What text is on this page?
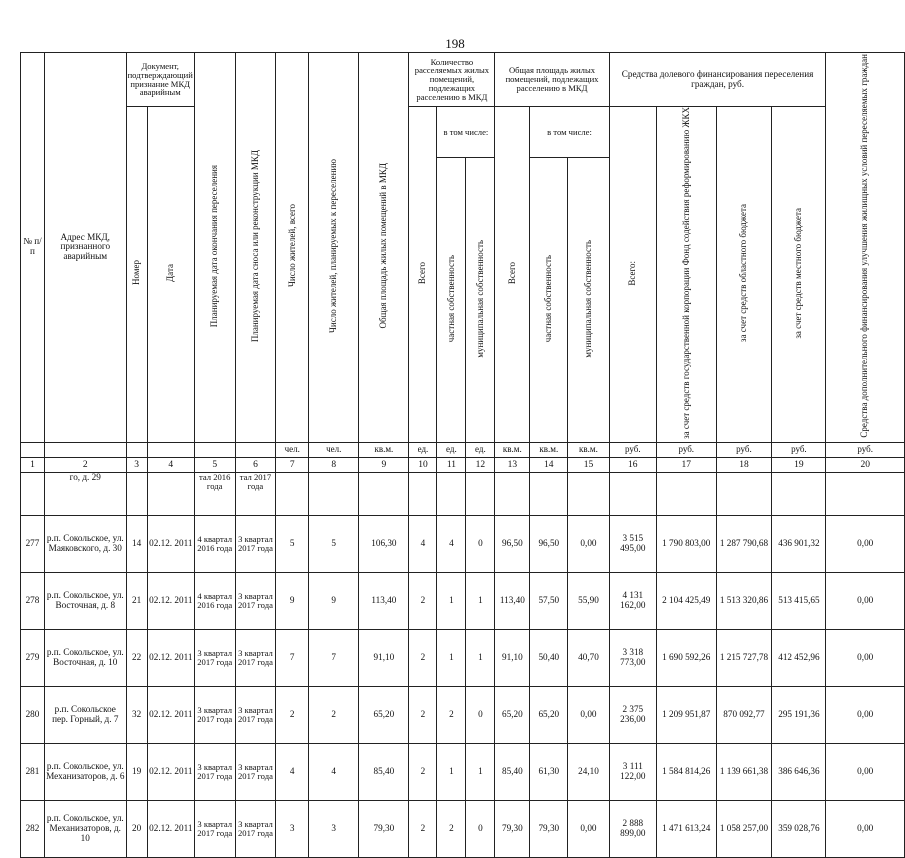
198
№ п/п	Адрес МКД, признанного аварийным	Документ, подтверждающий признание МКД аварийным		Планируемая дата окончания переселения	Планируемая дата сноса или реконструкции МКД	Число жителей, всего	Число жителей, планируемых к переселению	Общая площадь жилых помещений в МКД	Количество расселяемых жилых помещений, подлежащих расселению в МКД			Общая площадь жилых помещений, подлежащих расселению в МКД			Средства долевого финансирования переселения граждан, руб.				Средства дополнительного финансирования улучшения жилищных условий переселяемых граждан
		Номер	Дата						Всего	в том числе:		Всего	в том числе:		Всего:	за счет средств государственной корпорации Фонд содействия реформированию ЖКХ	за счет средств областного бюджета	за счет средств местного бюджета	
										частная собственность	муниципальная собственность		частная собственность	муниципальная собственность					
						чел.	чел.	кв.м.	ед.	ед.	ед.	кв.м.	кв.м.	кв.м.	руб.	руб.	руб.	руб.	руб.
1	2	3	4	5	6	7	8	9	10	11	12	13	14	15	16	17	18	19	20
	го, д. 29			тал 2016 года	тал 2017 года														
277	р.п. Сокольское, ул. Маяковского, д. 30	14	02.12. 2011	4 квартал 2016 года	3 квартал 2017 года	5	5	106,30	4	4	0	96,50	96,50	0,00	3 515 495,00	1 790 803,00	1 287 790,68	436 901,32	0,00
278	р.п. Сокольское, ул. Восточная, д. 8	21	02.12. 2011	4 квартал 2016 года	3 квартал 2017 года	9	9	113,40	2	1	1	113,40	57,50	55,90	4 131 162,00	2 104 425,49	1 513 320,86	513 415,65	0,00
279	р.п. Сокольское, ул. Восточная, д. 10	22	02.12. 2011	3 квартал 2017 года	3 квартал 2017 года	7	7	91,10	2	1	1	91,10	50,40	40,70	3 318 773,00	1 690 592,26	1 215 727,78	412 452,96	0,00
280	р.п. Сокольское пер. Горный, д. 7	32	02.12. 2011	3 квартал 2017 года	3 квартал 2017 года	2	2	65,20	2	2	0	65,20	65,20	0,00	2 375 236,00	1 209 951,87	870 092,77	295 191,36	0,00
281	р.п. Сокольское, ул. Механизаторов, д. 6	19	02.12. 2011	3 квартал 2017 года	3 квартал 2017 года	4	4	85,40	2	1	1	85,40	61,30	24,10	3 111 122,00	1 584 814,26	1 139 661,38	386 646,36	0,00
282	р.п. Сокольское, ул. Механизаторов, д. 10	20	02.12. 2011	3 квартал 2017 года	3 квартал 2017 года	3	3	79,30	2	2	0	79,30	79,30	0,00	2 888 899,00	1 471 613,24	1 058 257,00	359 028,76	0,00
